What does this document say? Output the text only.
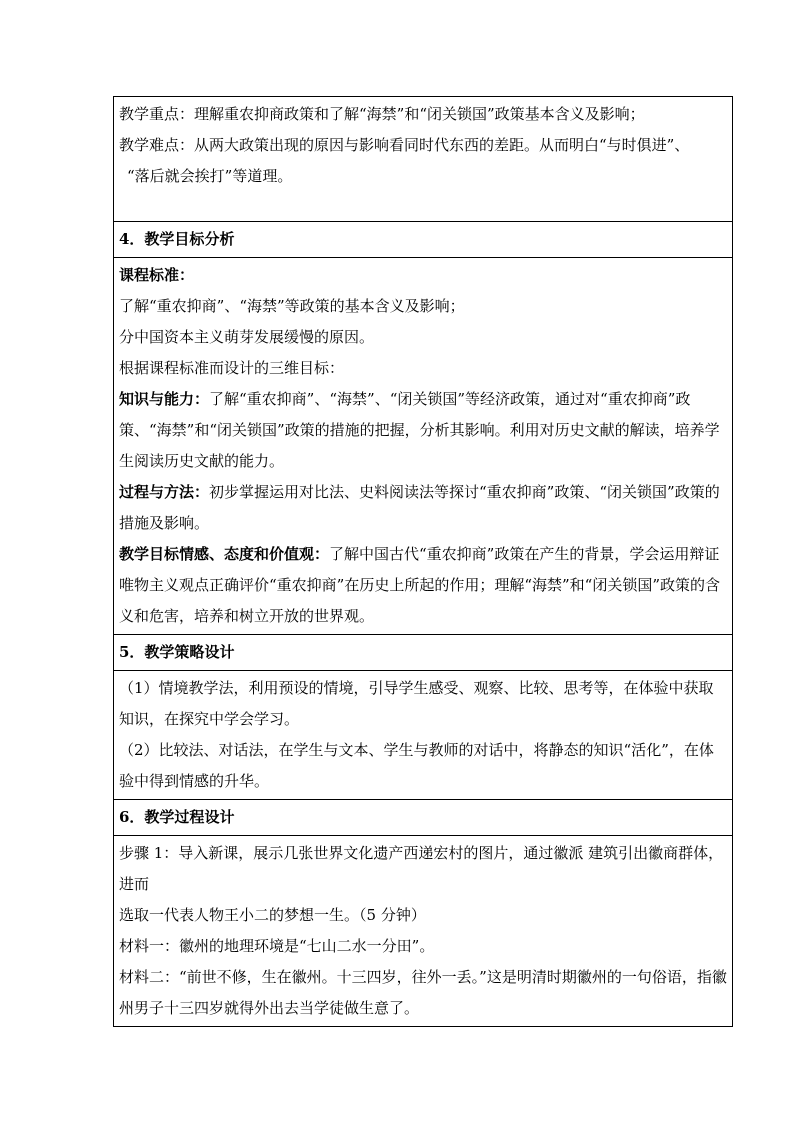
教学重点：理解重农抑商政策和了解“海禁”和“闭关锁国”政策基本含义及影响；
教学难点：从两大政策出现的原因与影响看同时代东西的差距。从而明白“与时俱进”、
“落后就会挨打”等道理。

4．教学目标分析

课程标准：
了解“重农抑商”、“海禁”等政策的基本含义及影响；
分中国资本主义萌芽发展缓慢的原因。
根据课程标准而设计的三维目标：
知识与能力：了解“重农抑商”、“海禁”、“闭关锁国”等经济政策，通过对“重农抑商”政策、“海禁”和“闭关锁国”政策的措施的把握，分析其影响。利用对历史文献的解读，培养学生阅读历史文献的能力。
过程与方法：初步掌握运用对比法、史料阅读法等探讨“重农抑商”政策、“闭关锁国”政策的措施及影响。
教学目标情感、态度和价值观：了解中国古代“重农抑商”政策在产生的背景，学会运用辩证唯物主义观点正确评价“重农抑商”在历史上所起的作用；理解“海禁”和“闭关锁国”政策的含义和危害，培养和树立开放的世界观。

5．教学策略设计

（1）情境教学法，利用预设的情境，引导学生感受、观察、比较、思考等，在体验中获取知识，在探究中学会学习。
（2）比较法、对话法，在学生与文本、学生与教师的对话中，将静态的知识“活化”，在体验中得到情感的升华。

6．教学过程设计

步骤 1：导入新课，展示几张世界文化遗产西递宏村的图片，通过徽派 建筑引出徽商群体，进而
选取一代表人物王小二的梦想一生。（5 分钟）
材料一：徽州的地理环境是“七山二水一分田”。
材料二：“前世不修，生在徽州。十三四岁，往外一丢。”这是明清时期徽州的一句俗语，指徽州男子十三四岁就得外出去当学徒做生意了。
